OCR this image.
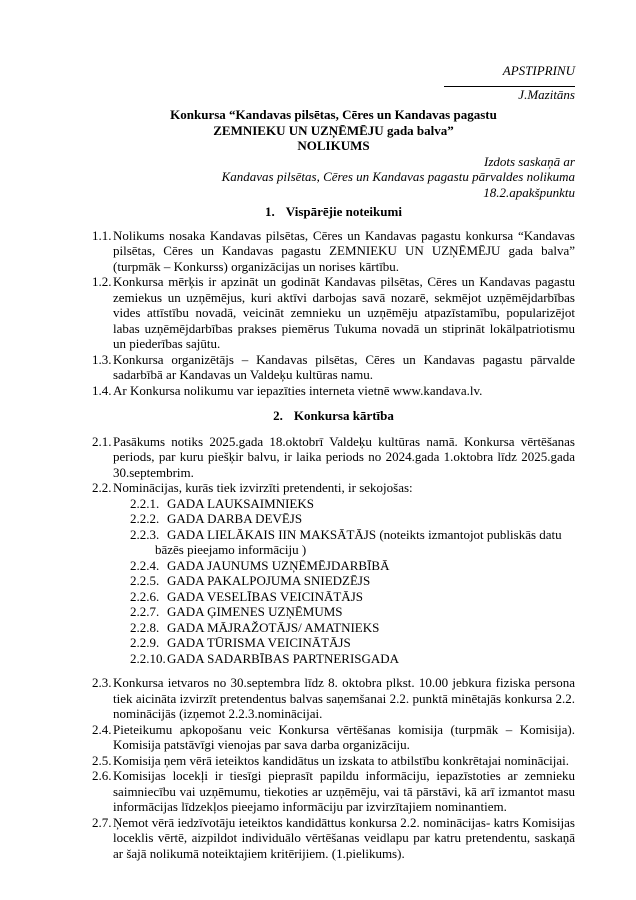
APSTIPRINU
J.Mazitāns
Konkursa “Kandavas pilsētas, Cēres un Kandavas pagastu
ZEMNIEKU UN UZŅĒMĒJU gada balva”
NOLIKUMS
Izdots saskaņā ar
Kandavas pilsētas, Cēres un Kandavas pagastu pārvaldes nolikuma
18.2.apakšpunktu
1. Vispārējie noteikumi

1.1. Nolikums nosaka Kandavas pilsētas, Cēres un Kandavas pagastu konkursa “Kandavas pilsētas, Cēres un Kandavas pagastu ZEMNIEKU UN UZŅĒMĒJU gada balva” (turpmāk – Konkurss) organizācijas un norises kārtību.

1.2. Konkursa mērķis ir apzināt un godināt Kandavas pilsētas, Cēres un Kandavas pagastu zemiekus un uzņēmējus, kuri aktīvi darbojas savā nozarē, sekmējot uzņēmējdarbības vides attīstību novadā, veicināt zemnieku un uzņēmēju atpazīstamību, popularizējot labas uzņēmējdarbības prakses piemērus Tukuma novadā un stiprināt lokālpatriotismu un piederības sajūtu.

1.3. Konkursa organizētājs – Kandavas pilsētas, Cēres un Kandavas pagastu pārvalde sadarbībā ar Kandavas un Valdeķu kultūras namu.

1.4. Ar Konkursa nolikumu var iepazīties interneta vietnē www.kandava.lv.

2. Konkursa kārtība

2.1. Pasākums notiks 2025.gada 18.oktobrī Valdeķu kultūras namā. Konkursa vērtēšanas periods, par kuru piešķir balvu, ir laika periods no 2024.gada 1.oktobra līdz 2025.gada 30.septembrim.

2.2. Nominācijas, kurās tiek izvirzīti pretendenti, ir sekojošas:

2.2.1. GADA LAUKSAIMNIEKS

2.2.2. GADA DARBA DEVĒJS

2.2.3. GADA LIELĀKAIS IIN MAKSĀTĀJS (noteikts izmantojot publiskās datu bāzēs pieejamo informāciju )

2.2.4. GADA JAUNUMS UZŅĒMĒJDARBĪBĀ

2.2.5. GADA PAKALPOJUMA SNIEDZĒJS

2.2.6. GADA VESELĪBAS VEICINĀTĀJS

2.2.7. GADA ĢIMENES UZŅĒMUMS

2.2.8. GADA MĀJRAŽOTĀJS/ AMATNIEKS

2.2.9. GADA TŪRISMA VEICINĀTĀJS

2.2.10.GADA SADARBĪBAS PARTNERISGADA

2.3. Konkursa ietvaros no 30.septembra līdz 8. oktobra plkst. 10.00 jebkura fiziska persona tiek aicināta izvirzīt pretendentus balvas saņemšanai 2.2. punktā minētajās konkursa 2.2. nominācijās (izņemot 2.2.3.nominācijai.

2.4. Pieteikumu apkopošanu veic Konkursa vērtēšanas komisija (turpmāk – Komisija). Komisija patstāvīgi vienojas par sava darba organizāciju.

2.5. Komisija ņem vērā ieteiktos kandidātus un izskata to atbilstību konkrētajai nominācijai.

2.6. Komisijas locekļi ir tiesīgi pieprasīt papildu informāciju, iepazīstoties ar zemnieku saimniecību vai uzņēmumu, tiekoties ar uzņēmēju, vai tā pārstāvi, kā arī izmantot masu informācijas līdzekļos pieejamo informāciju par izvirzītajiem nominantiem.

2.7. Ņemot vērā iedzīvotāju ieteiktos kandidāttus konkursa 2.2. nominācijas- katrs Komisijas loceklis vērtē, aizpildot individuālo vērtēšanas veidlapu par katru pretendentu, saskaņā ar šajā nolikumā noteiktajiem kritērijiem. (1.pielikums).
